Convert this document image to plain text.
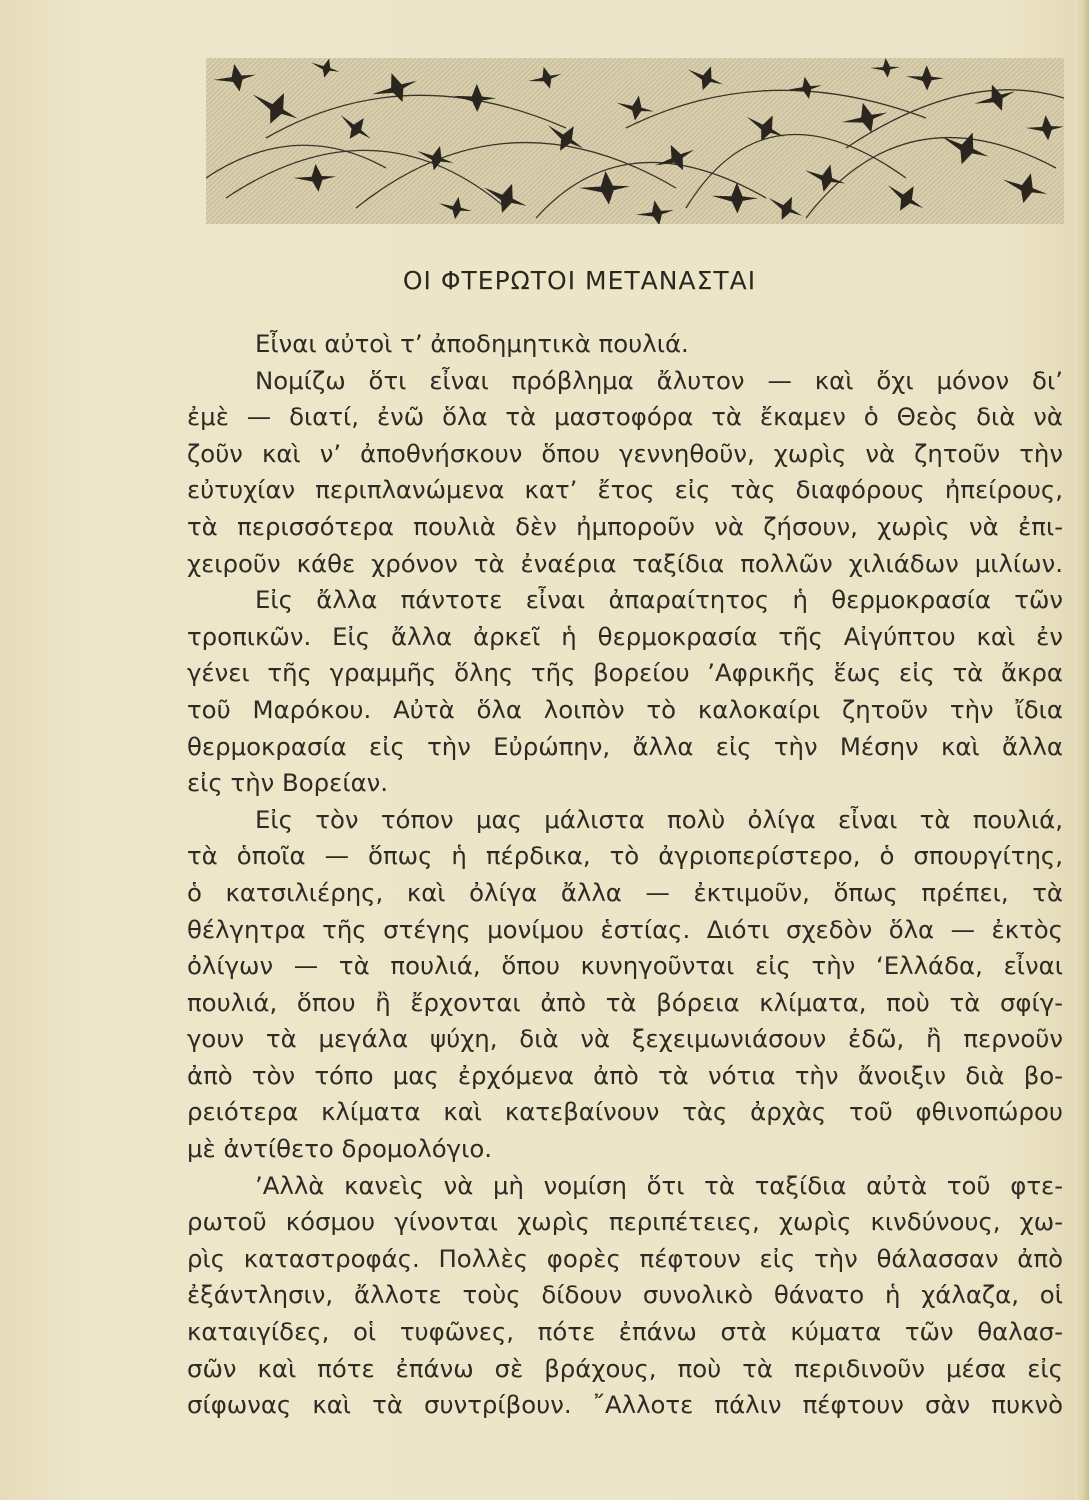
ΟΙ ΦΤΕΡΩΤΟΙ ΜΕΤΑΝΑΣΤΑΙ

Εἶναι αὐτοὶ τ’ ἀποδημητικὰ πουλιά.

Νομίζω ὅτι εἶναι πρόβλημα ἄλυτον — καὶ ὄχι μόνον δι’

ἐμὲ — διατί, ἐνῶ ὅλα τὰ μαστοφόρα τὰ ἔκαμεν ὁ Θεὸς διὰ νὰ

ζοῦν καὶ ν’ ἀποθνήσκουν ὅπου γεννηθοῦν, χωρὶς νὰ ζητοῦν τὴν

εὐτυχίαν περιπλανώμενα κατ’ ἔτος εἰς τὰς διαφόρους ἠπείρους,

τὰ περισσότερα πουλιὰ δὲν ἠμποροῦν νὰ ζήσουν, χωρὶς νὰ ἐπι-

χειροῦν κάθε χρόνον τὰ ἐναέρια ταξίδια πολλῶν χιλιάδων μιλίων.

Εἰς ἄλλα πάντοτε εἶναι ἀπαραίτητος ἡ θερμοκρασία τῶν

τροπικῶν. Εἰς ἄλλα ἀρκεῖ ἡ θερμοκρασία τῆς Αἰγύπτου καὶ ἐν

γένει τῆς γραμμῆς ὅλης τῆς βορείου ’Αφρικῆς ἕως εἰς τὰ ἄκρα

τοῦ Μαρόκου. Αὐτὰ ὅλα λοιπὸν τὸ καλοκαίρι ζητοῦν τὴν ἴδια

θερμοκρασία εἰς τὴν Εὐρώπην, ἄλλα εἰς τὴν Μέσην καὶ ἄλλα

εἰς τὴν Βορείαν.

Εἰς τὸν τόπον μας μάλιστα πολὺ ὀλίγα εἶναι τὰ πουλιά,

τὰ ὁποῖα — ὅπως ἡ πέρδικα, τὸ ἀγριοπερίστερο, ὁ σπουργίτης,

ὁ κατσιλιέρης, καὶ ὀλίγα ἄλλα — ἐκτιμοῦν, ὅπως πρέπει, τὰ

θέλγητρα τῆς στέγης μονίμου ἑστίας. Διότι σχεδὸν ὅλα — ἐκτὸς

ὀλίγων — τὰ πουλιά, ὅπου κυνηγοῦνται εἰς τὴν ‘Ελλάδα, εἶναι

πουλιά, ὅπου ἢ ἔρχονται ἀπὸ τὰ βόρεια κλίματα, ποὺ τὰ σφίγ-

γουν τὰ μεγάλα ψύχη, διὰ νὰ ξεχειμωνιάσουν ἐδῶ, ἢ περνοῦν

ἀπὸ τὸν τόπο μας ἐρχόμενα ἀπὸ τὰ νότια τὴν ἄνοιξιν διὰ βο-

ρειότερα κλίματα καὶ κατεβαίνουν τὰς ἀρχὰς τοῦ φθινοπώρου

μὲ ἀντίθετο δρομολόγιο.

’Αλλὰ κανεὶς νὰ μὴ νομίση ὅτι τὰ ταξίδια αὐτὰ τοῦ φτε-

ρωτοῦ κόσμου γίνονται χωρὶς περιπέτειες, χωρὶς κινδύνους, χω-

ρὶς καταστροφάς. Πολλὲς φορὲς πέφτουν εἰς τὴν θάλασσαν ἀπὸ

ἐξάντλησιν, ἄλλοτε τοὺς δίδουν συνολικὸ θάνατο ἡ χάλαζα, οἱ

καταιγίδες, οἱ τυφῶνες, πότε ἐπάνω στὰ κύματα τῶν θαλασ-

σῶν καὶ πότε ἐπάνω σὲ βράχους, ποὺ τὰ περιδινοῦν μέσα εἰς

σίφωνας καὶ τὰ συντρίβουν. ῎Αλλοτε πάλιν πέφτουν σὰν πυκνὸ
